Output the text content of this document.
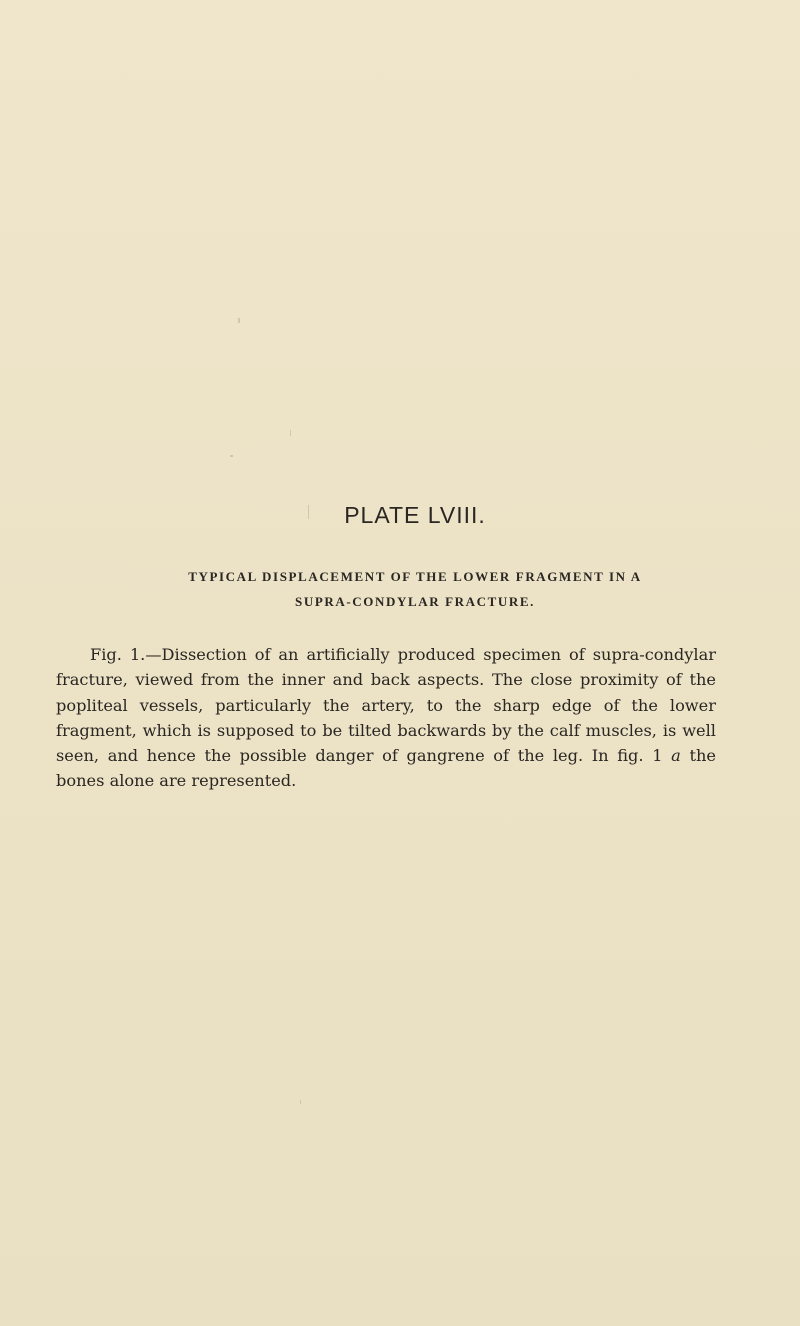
PLATE LVIII.
TYPICAL DISPLACEMENT OF THE LOWER FRAGMENT IN A
SUPRA-CONDYLAR FRACTURE.

Fig. 1.—Dissection of an artificially produced specimen of supra-condylar fracture, viewed from the inner and back aspects. The close proximity of the popliteal vessels, particularly the artery, to the sharp edge of the lower fragment, which is supposed to be tilted backwards by the calf muscles, is well seen, and hence the possible danger of gangrene of the leg. In fig. 1 a the bones alone are represented.
